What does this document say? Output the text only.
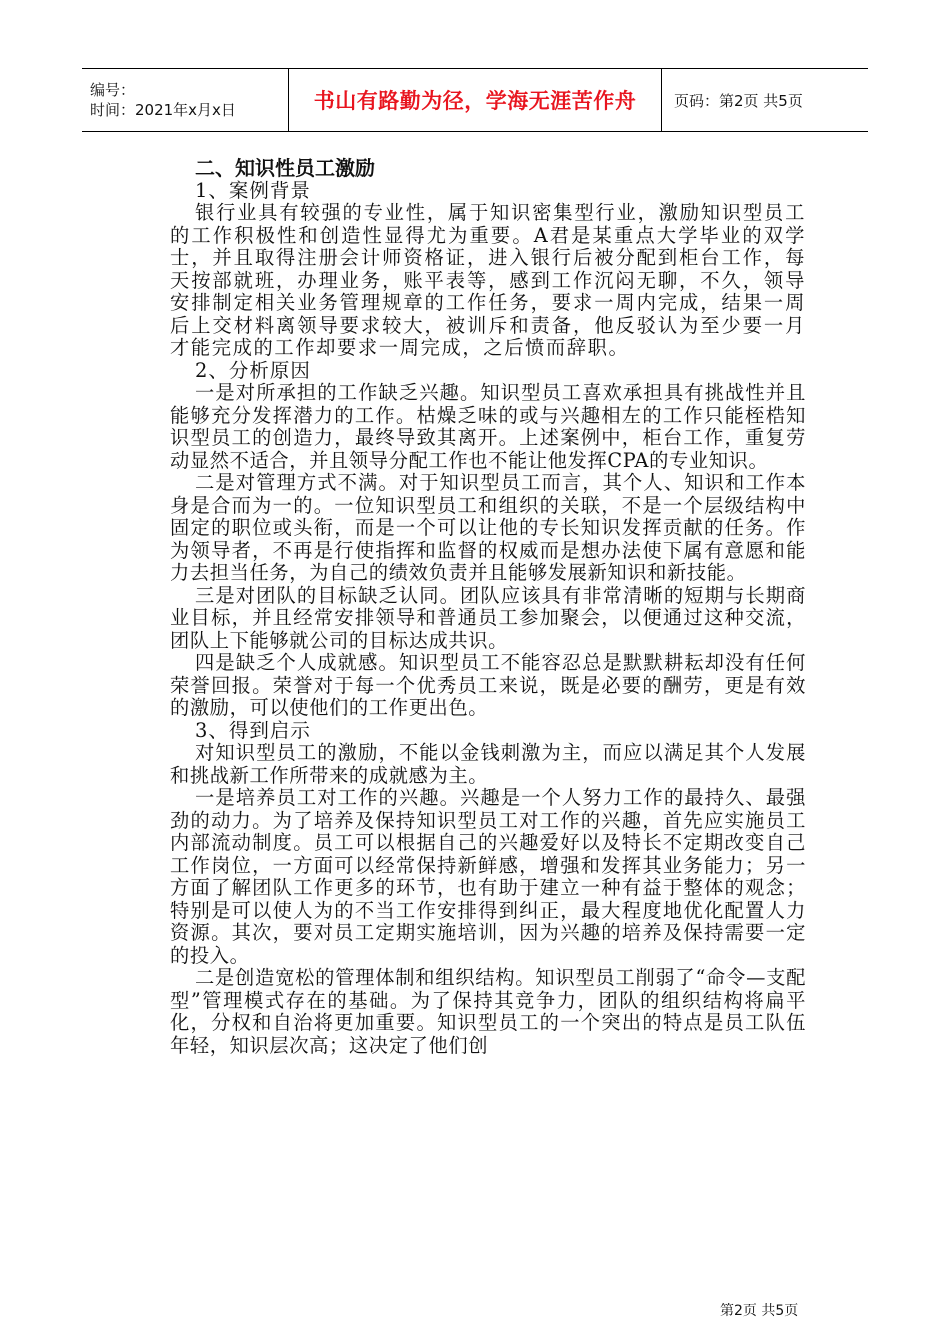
编号：
时间：2021年x月x日	书山有路勤为径，学海无涯苦作舟	页码：第2页 共5页
二、知识性员工激励
1、案例背景

银行业具有较强的专业性，属于知识密集型行业，激励知识型员工的工作积极性和创造性显得尤为重要。A君是某重点大学毕业的双学士，并且取得注册会计师资格证，进入银行后被分配到柜台工作，每天按部就班，办理业务，账平表等，感到工作沉闷无聊，不久，领导安排制定相关业务管理规章的工作任务，要求一周内完成，结果一周后上交材料离领导要求较大，被训斥和责备，他反驳认为至少要一月才能完成的工作却要求一周完成，之后愤而辞职。

2、分析原因

一是对所承担的工作缺乏兴趣。知识型员工喜欢承担具有挑战性并且能够充分发挥潜力的工作。枯燥乏味的或与兴趣相左的工作只能桎梏知识型员工的创造力，最终导致其离开。上述案例中，柜台工作，重复劳动显然不适合，并且领导分配工作也不能让他发挥CPA的专业知识。

二是对管理方式不满。对于知识型员工而言，其个人、知识和工作本身是合而为一的。一位知识型员工和组织的关联，不是一个层级结构中固定的职位或头衔，而是一个可以让他的专长知识发挥贡献的任务。作为领导者，不再是行使指挥和监督的权威而是想办法使下属有意愿和能力去担当任务，为自己的绩效负责并且能够发展新知识和新技能。

三是对团队的目标缺乏认同。团队应该具有非常清晰的短期与长期商业目标，并且经常安排领导和普通员工参加聚会，以便通过这种交流，团队上下能够就公司的目标达成共识。

四是缺乏个人成就感。知识型员工不能容忍总是默默耕耘却没有任何荣誉回报。荣誉对于每一个优秀员工来说，既是必要的酬劳，更是有效的激励，可以使他们的工作更出色。

3、得到启示

对知识型员工的激励，不能以金钱刺激为主，而应以满足其个人发展和挑战新工作所带来的成就感为主。

一是培养员工对工作的兴趣。兴趣是一个人努力工作的最持久、最强劲的动力。为了培养及保持知识型员工对工作的兴趣，首先应实施员工内部流动制度。员工可以根据自己的兴趣爱好以及特长不定期改变自己工作岗位，一方面可以经常保持新鲜感，增强和发挥其业务能力；另一方面了解团队工作更多的环节，也有助于建立一种有益于整体的观念；特别是可以使人为的不当工作安排得到纠正，最大程度地优化配置人力资源。其次，要对员工定期实施培训，因为兴趣的培养及保持需要一定的投入。

二是创造宽松的管理体制和组织结构。知识型员工削弱了“命令—支配型”管理模式存在的基础。为了保持其竞争力，团队的组织结构将扁平化，分权和自治将更加重要。知识型员工的一个突出的特点是员工队伍年轻，知识层次高；这决定了他们创

第2页 共5页
